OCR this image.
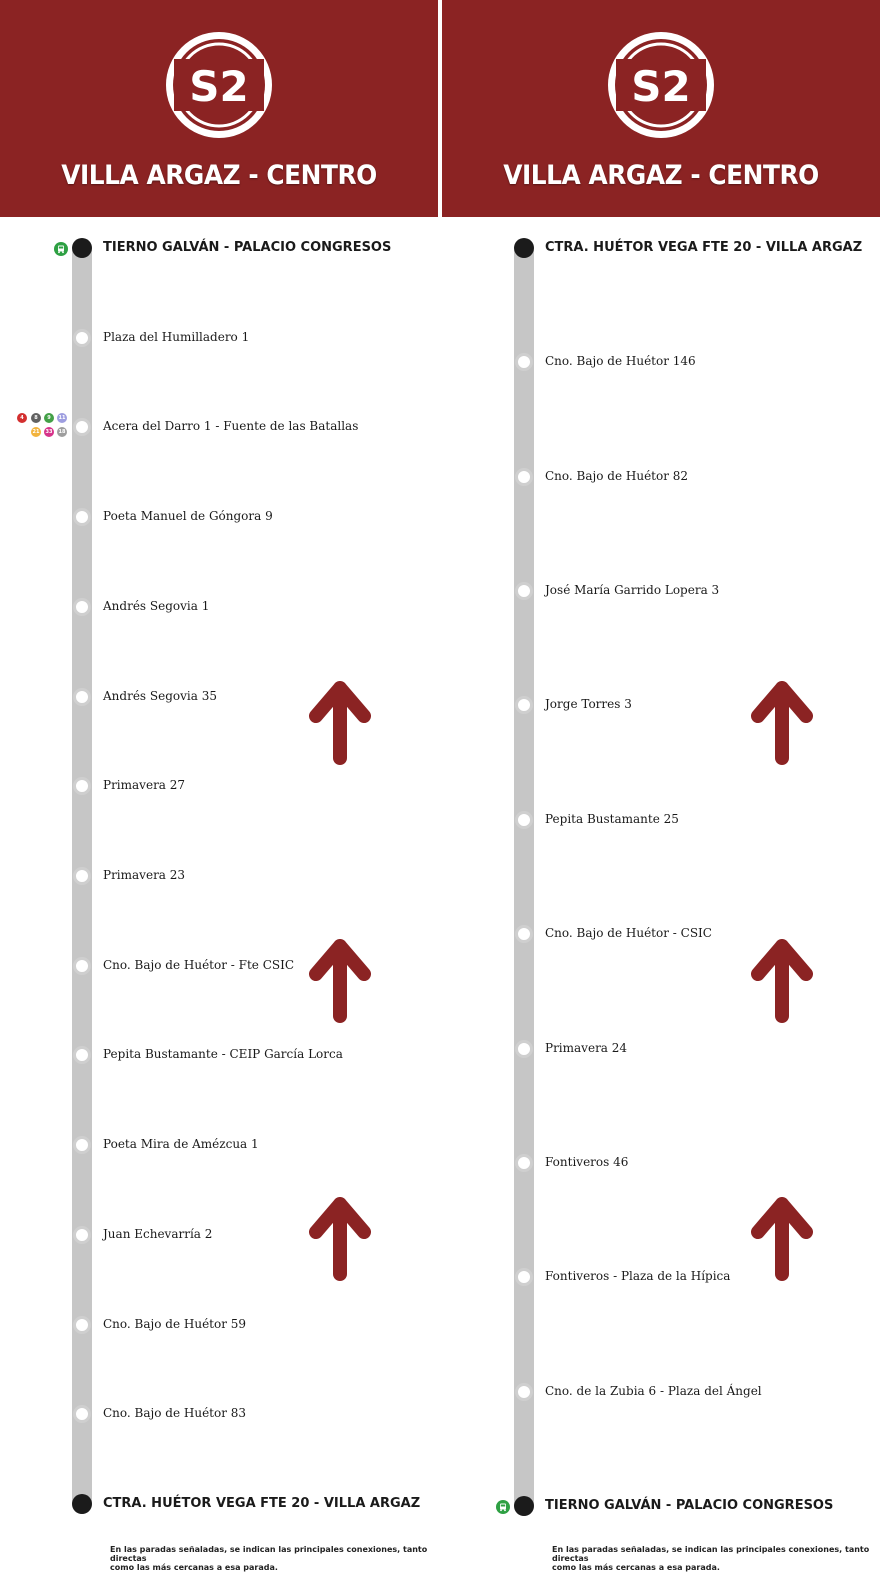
S2
VILLA ARGAZ - CENTRO
TIERNO GALVÁN - PALACIO CONGRESOS
Plaza del Humilladero 1
Acera del Darro 1 - Fuente de las Batallas
Poeta Manuel de Góngora 9
Andrés Segovia 1
Andrés Segovia 35
Primavera 27
Primavera 23
Cno. Bajo de Huétor - Fte CSIC
Pepita Bustamante - CEIP García Lorca
Poeta Mira de Amézcua 1
Juan Echevarría 2
Cno. Bajo de Huétor 59
Cno. Bajo de Huétor 83
CTRA. HUÉTOR VEGA FTE 20 - VILLA ARGAZ
4	8	9	11
21	33	18
En las paradas señaladas, se indican las principales conexiones, tanto directas
como las más cercanas a esa parada.
S2
VILLA ARGAZ - CENTRO
CTRA. HUÉTOR VEGA FTE 20 - VILLA ARGAZ
Cno. Bajo de Huétor 146
Cno. Bajo de Huétor 82
José María Garrido Lopera 3
Jorge Torres 3
Pepita Bustamante 25
Cno. Bajo de Huétor - CSIC
Primavera 24
Fontiveros 46
Fontiveros - Plaza de la Hípica
Cno. de la Zubia 6 - Plaza del Ángel
TIERNO GALVÁN - PALACIO CONGRESOS
En las paradas señaladas, se indican las principales conexiones, tanto directas
como las más cercanas a esa parada.
